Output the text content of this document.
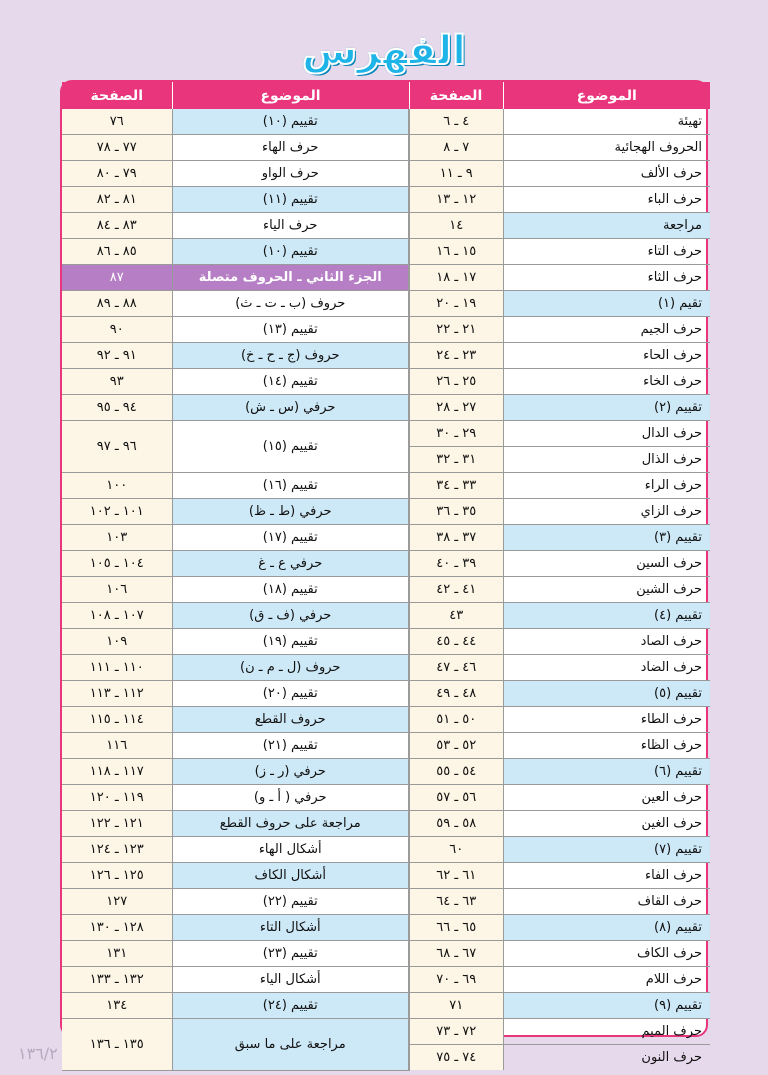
الفهرس
الموضوع	الصفحة	الموضوع	الصفحة
تهيئة	٤ ـ ٦	تقييم (١٠)	٧٦
الحروف الهجائية	٧ ـ ٨	حرف الهاء	٧٧ ـ ٧٨
حرف الألف	٩ ـ ١١	حرف الواو	٧٩ ـ ٨٠
حرف الباء	١٢ ـ ١٣	تقييم (١١)	٨١ ـ ٨٢
مراجعة	١٤	حرف الياء	٨٣ ـ ٨٤
حرف التاء	١٥ ـ ١٦	تقييم (١٠)	٨٥ ـ ٨٦
حرف الثاء	١٧ ـ ١٨	الجزء الثاني ـ الحروف متصلة	٨٧
تقيم (١)	١٩ ـ ٢٠	حروف (ب ـ ت ـ ث)	٨٨ ـ ٨٩
حرف الجيم	٢١ ـ ٢٢	تقييم (١٣)	٩٠
حرف الحاء	٢٣ ـ ٢٤	حروف (ج ـ ح ـ خ)	٩١ ـ ٩٢
حرف الخاء	٢٥ ـ ٢٦	تقييم (١٤)	٩٣
تقييم (٢)	٢٧ ـ ٢٨	حرفي (س ـ ش)	٩٤ ـ ٩٥
حرف الدال	٢٩ ـ ٣٠	تقييم (١٥)	٩٦ ـ ٩٧
حرف الذال	٣١ ـ ٣٢		
حرف الراء	٣٣ ـ ٣٤	تقييم (١٦)	١٠٠
حرف الزاي	٣٥ ـ ٣٦	حرفي (ط ـ ظ)	١٠١ ـ ١٠٢
تقييم (٣)	٣٧ ـ ٣٨	تقييم (١٧)	١٠٣
حرف السين	٣٩ ـ ٤٠	حرفي ع ـ غ	١٠٤ ـ ١٠٥
حرف الشين	٤١ ـ ٤٢	تقييم (١٨)	١٠٦
تقييم (٤)	٤٣	حرفي (ف ـ ق)	١٠٧ ـ ١٠٨
حرف الصاد	٤٤ ـ ٤٥	تقييم (١٩)	١٠٩
حرف الضاد	٤٦ ـ ٤٧	حروف (ل ـ م ـ ن)	١١٠ ـ ١١١
تقييم (٥)	٤٨ ـ ٤٩	تقييم (٢٠)	١١٢ ـ ١١٣
حرف الطاء	٥٠ ـ ٥١	حروف القطع	١١٤ ـ ١١٥
حرف الظاء	٥٢ ـ ٥٣	تقييم (٢١)	١١٦
تقييم (٦)	٥٤ ـ ٥٥	حرفي (ر ـ ز)	١١٧ ـ ١١٨
حرف العين	٥٦ ـ ٥٧	حرفي ( أ ـ و)	١١٩ ـ ١٢٠
حرف الغين	٥٨ ـ ٥٩	مراجعة على حروف القطع	١٢١ ـ ١٢٢
تقييم (٧)	٦٠	أشكال الهاء	١٢٣ ـ ١٢٤
حرف الفاء	٦١ ـ ٦٢	أشكال الكاف	١٢٥ ـ ١٢٦
حرف القاف	٦٣ ـ ٦٤	تقييم (٢٢)	١٢٧
تقييم (٨)	٦٥ ـ ٦٦	أشكال التاء	١٢٨ ـ ١٣٠
حرف الكاف	٦٧ ـ ٦٨	تقييم (٢٣)	١٣١
حرف اللام	٦٩ ـ ٧٠	أشكال الياء	١٣٢ ـ ١٣٣
تقييم (٩)	٧١	تقييم (٢٤)	١٣٤
حرف الميم	٧٢ ـ ٧٣	مراجعة على ما سبق	١٣٥ ـ ١٣٦
حرف النون	٧٤ ـ ٧٥		
١٣٦/٢
